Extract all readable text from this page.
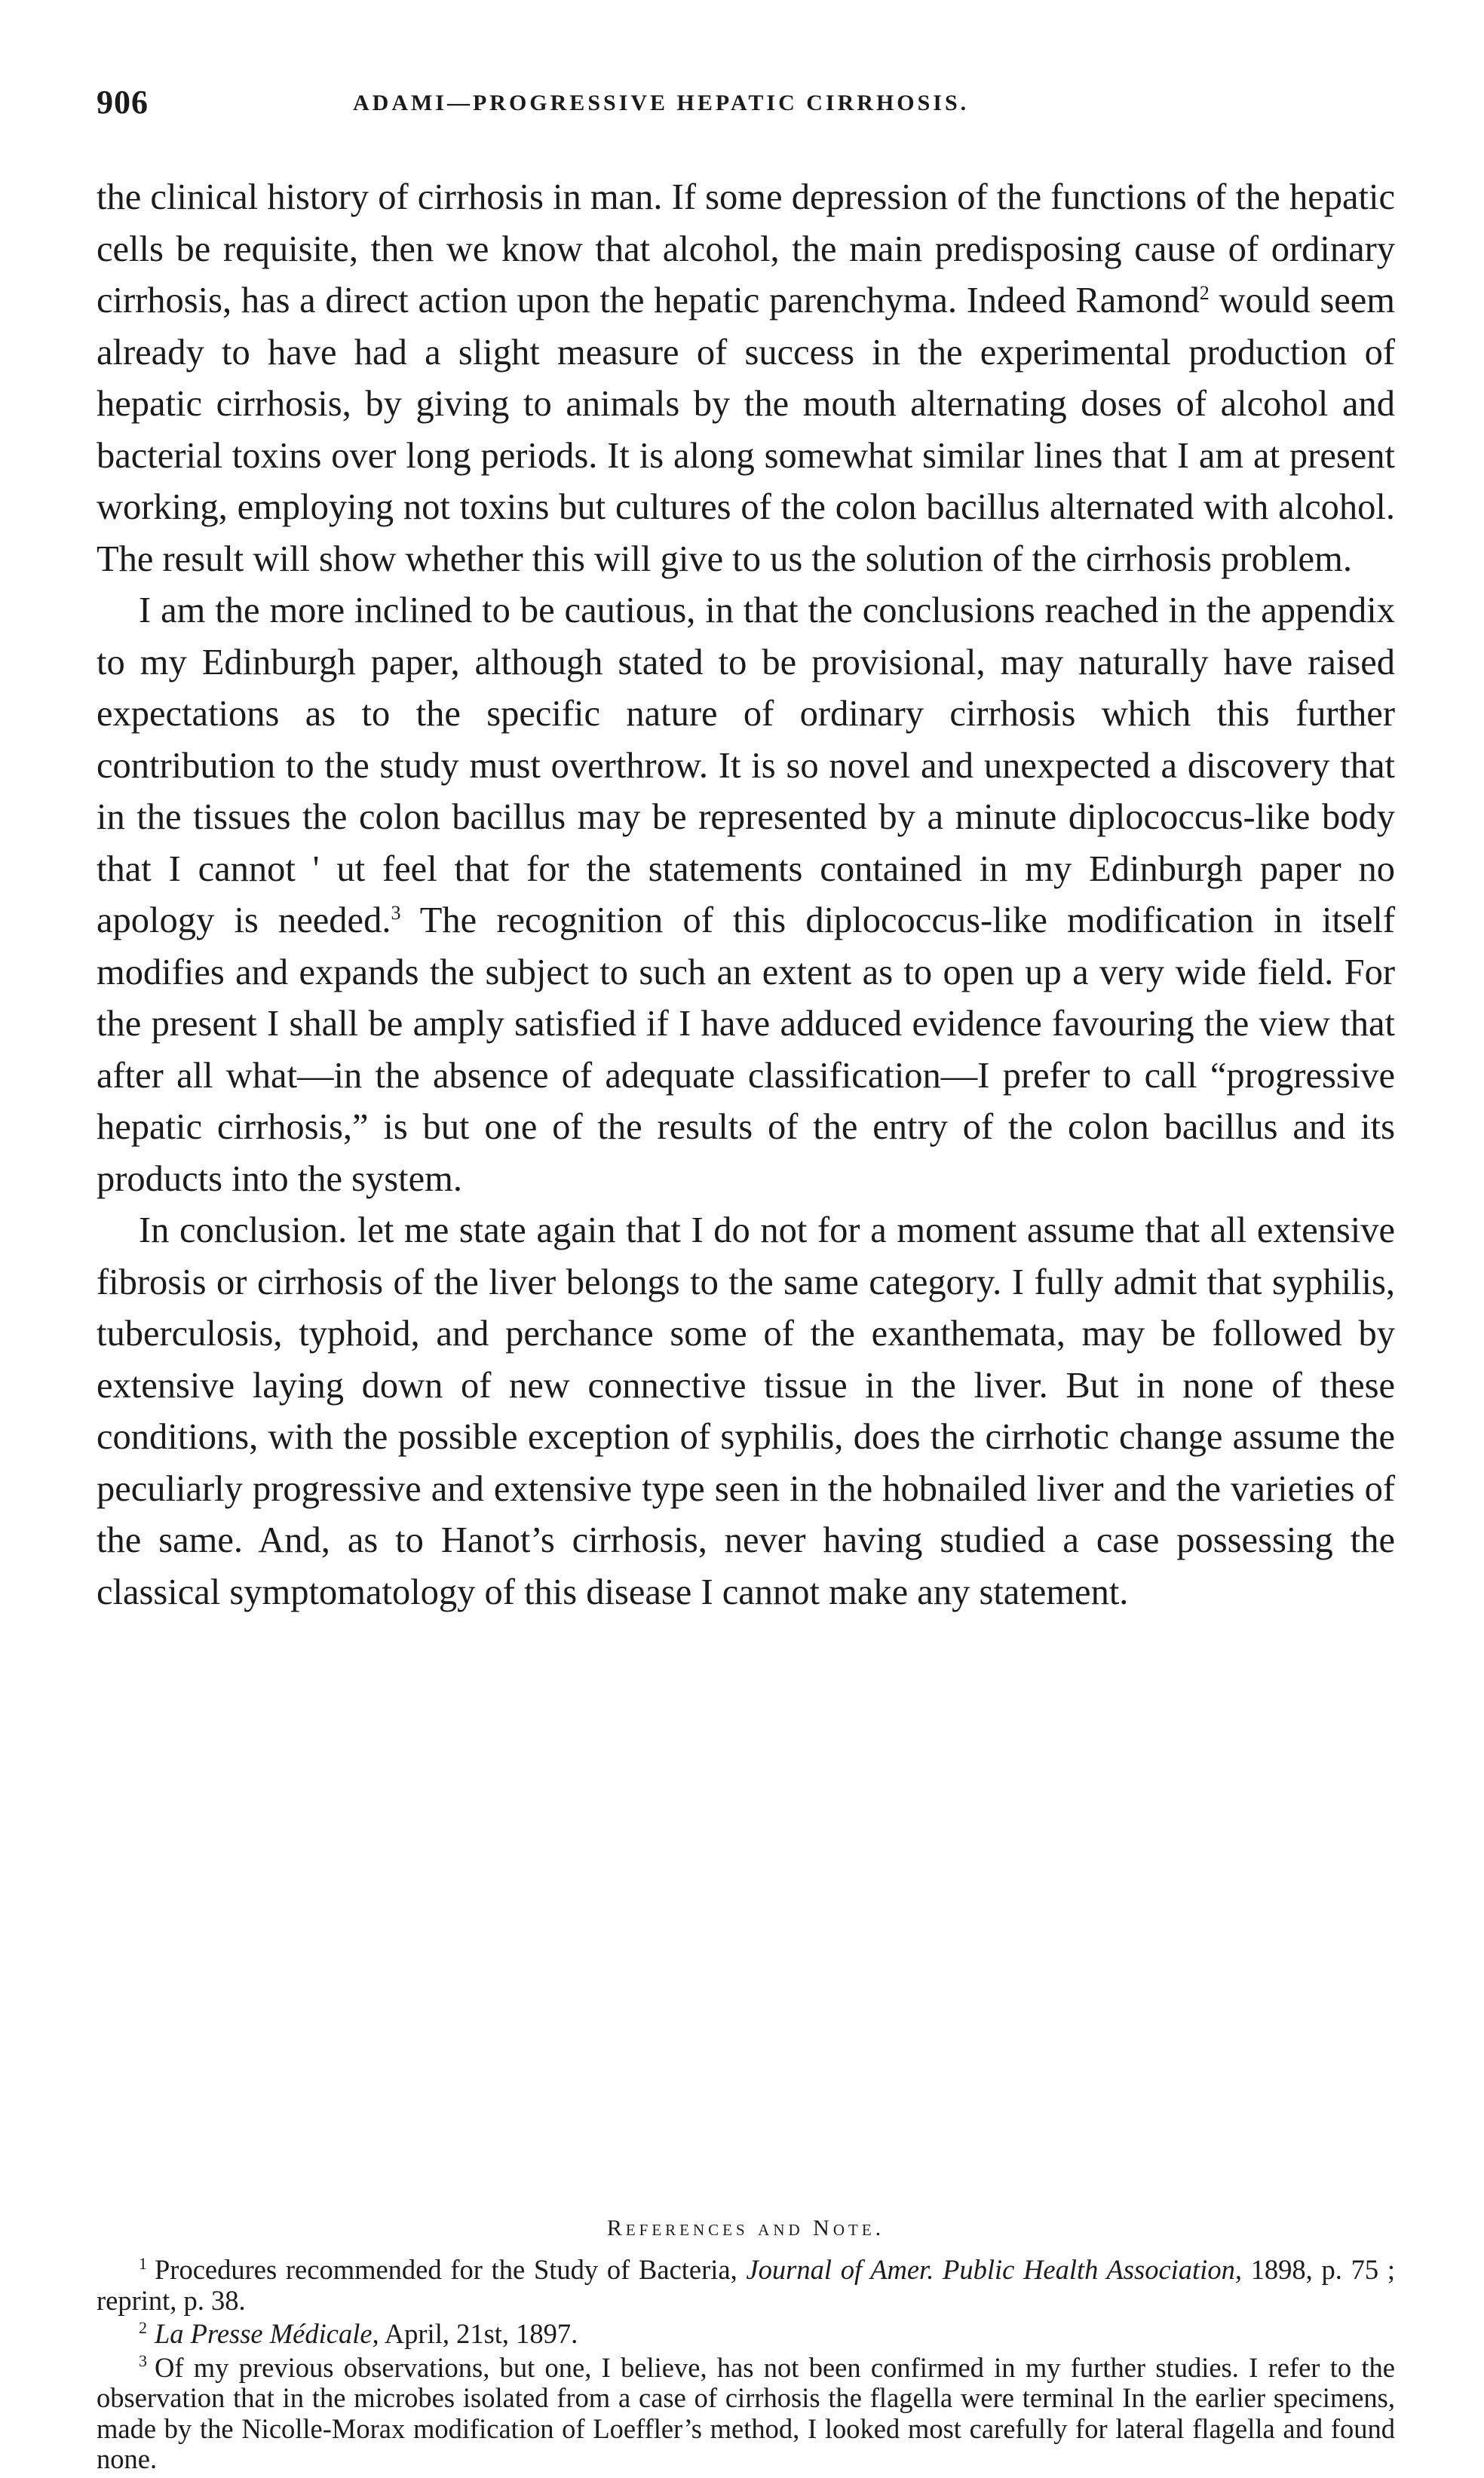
906	ADAMI—PROGRESSIVE HEPATIC CIRRHOSIS.

the clinical history of cirrhosis in man. If some depression of the functions of the hepatic cells be requisite, then we know that alcohol, the main predisposing cause of ordinary cirrhosis, has a direct action upon the hepatic parenchyma. Indeed Ramond$^2$ would seem already to have had a slight measure of success in the experimental production of hepatic cirrhosis, by giving to animals by the mouth alternating doses of alcohol and bacterial toxins over long periods. It is along somewhat similar lines that I am at present working, employing not toxins but cultures of the colon bacillus alternated with alcohol. The result will show whether this will give to us the solution of the cirrhosis problem.

I am the more inclined to be cautious, in that the conclusions reached in the appendix to my Edinburgh paper, although stated to be provisional, may naturally have raised expectations as to the specific nature of ordinary cirrhosis which this further contribution to the study must overthrow. It is so novel and unexpected a discovery that in the tissues the colon bacillus may be represented by a minute diplococcus-like body that I cannot ' ut feel that for the statements contained in my Edinburgh paper no apology is needed.$^3$ The recognition of this diplococcus-like modification in itself modifies and expands the subject to such an extent as to open up a very wide field. For the present I shall be amply satisfied if I have adduced evidence favouring the view that after all what—in the absence of adequate classification—I prefer to call “progressive hepatic cirrhosis,” is but one of the results of the entry of the colon bacillus and its products into the system.

In conclusion. let me state again that I do not for a moment assume that all extensive fibrosis or cirrhosis of the liver belongs to the same category. I fully admit that syphilis, tuberculosis, typhoid, and perchance some of the exanthemata, may be followed by extensive laying down of new connective tissue in the liver. But in none of these conditions, with the possible exception of syphilis, does the cirrhotic change assume the peculiarly progressive and extensive type seen in the hobnailed liver and the varieties of the same. And, as to Hanot’s cirrhosis, never having studied a case possessing the classical symptomatology of this disease I cannot make any statement.

References and Note.

$^1$ Procedures recommended for the Study of Bacteria, Journal of Amer. Public Health Association, 1898, p. 75 ; reprint, p. 38.

$^2$ La Presse Médicale, April, 21st, 1897.

$^3$ Of my previous observations, but one, I believe, has not been confirmed in my further studies. I refer to the observation that in the microbes isolated from a case of cirrhosis the flagella were terminal In the earlier specimens, made by the Nicolle-Morax modification of Loeffler’s method, I looked most carefully for lateral flagella and found none.
